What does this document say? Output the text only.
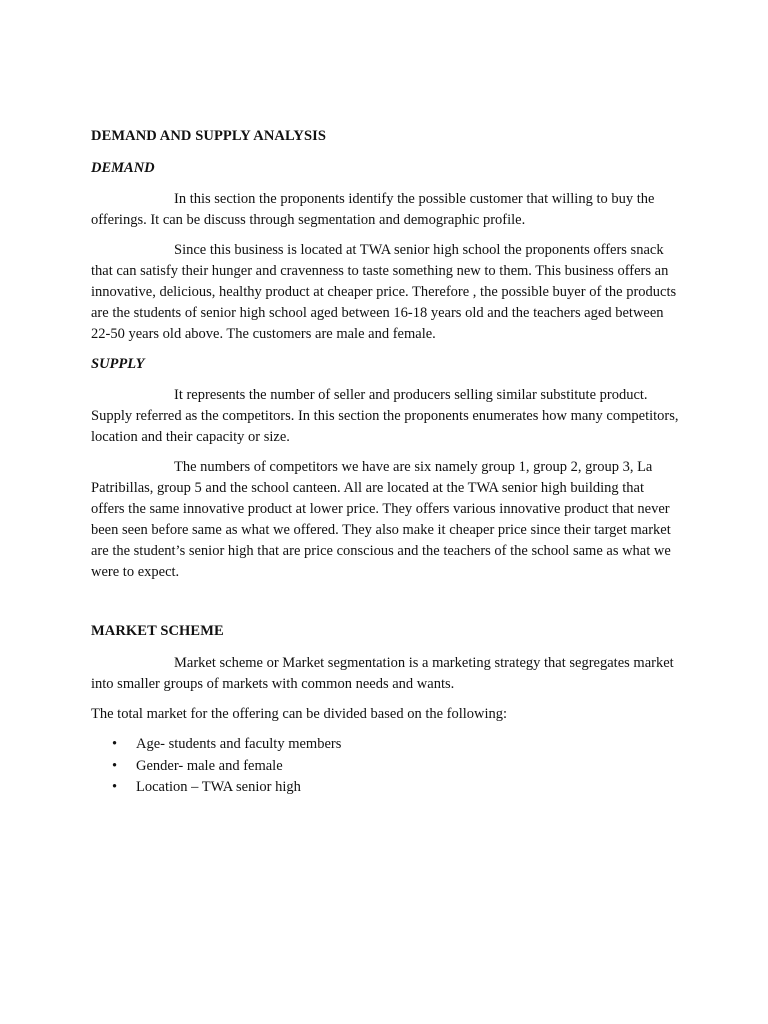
DEMAND AND SUPPLY ANALYSIS

DEMAND

In this section the proponents identify the possible customer that willing to buy the offerings. It can be discuss through segmentation and demographic profile.

Since this business is located at TWA senior high school the proponents offers snack that can satisfy their hunger and cravenness to taste something new to them. This business offers an innovative, delicious, healthy product at cheaper price. Therefore , the possible buyer of the products are the students of senior high school aged between 16-18 years old and the teachers aged between 22-50 years old above. The customers are male and female.

SUPPLY

It represents the number of seller and producers selling similar substitute product. Supply referred as the competitors. In this section the proponents enumerates how many competitors, location and their capacity or size.

The numbers of competitors we have are six namely group 1, group 2, group 3, La Patribillas, group 5 and the school canteen. All are located at the TWA senior high building that offers the same innovative product at lower price. They offers various innovative product that never been seen before same as what we offered. They also make it cheaper price since their target market are the student’s senior high that are price conscious and the teachers of the school same as what we were to expect.

MARKET SCHEME

Market scheme or Market segmentation is a marketing strategy that segregates market into smaller groups of markets with common needs and wants.

The total market for the offering can be divided based on the following:

• Age- students and faculty members
• Gender- male and female
• Location – TWA senior high
